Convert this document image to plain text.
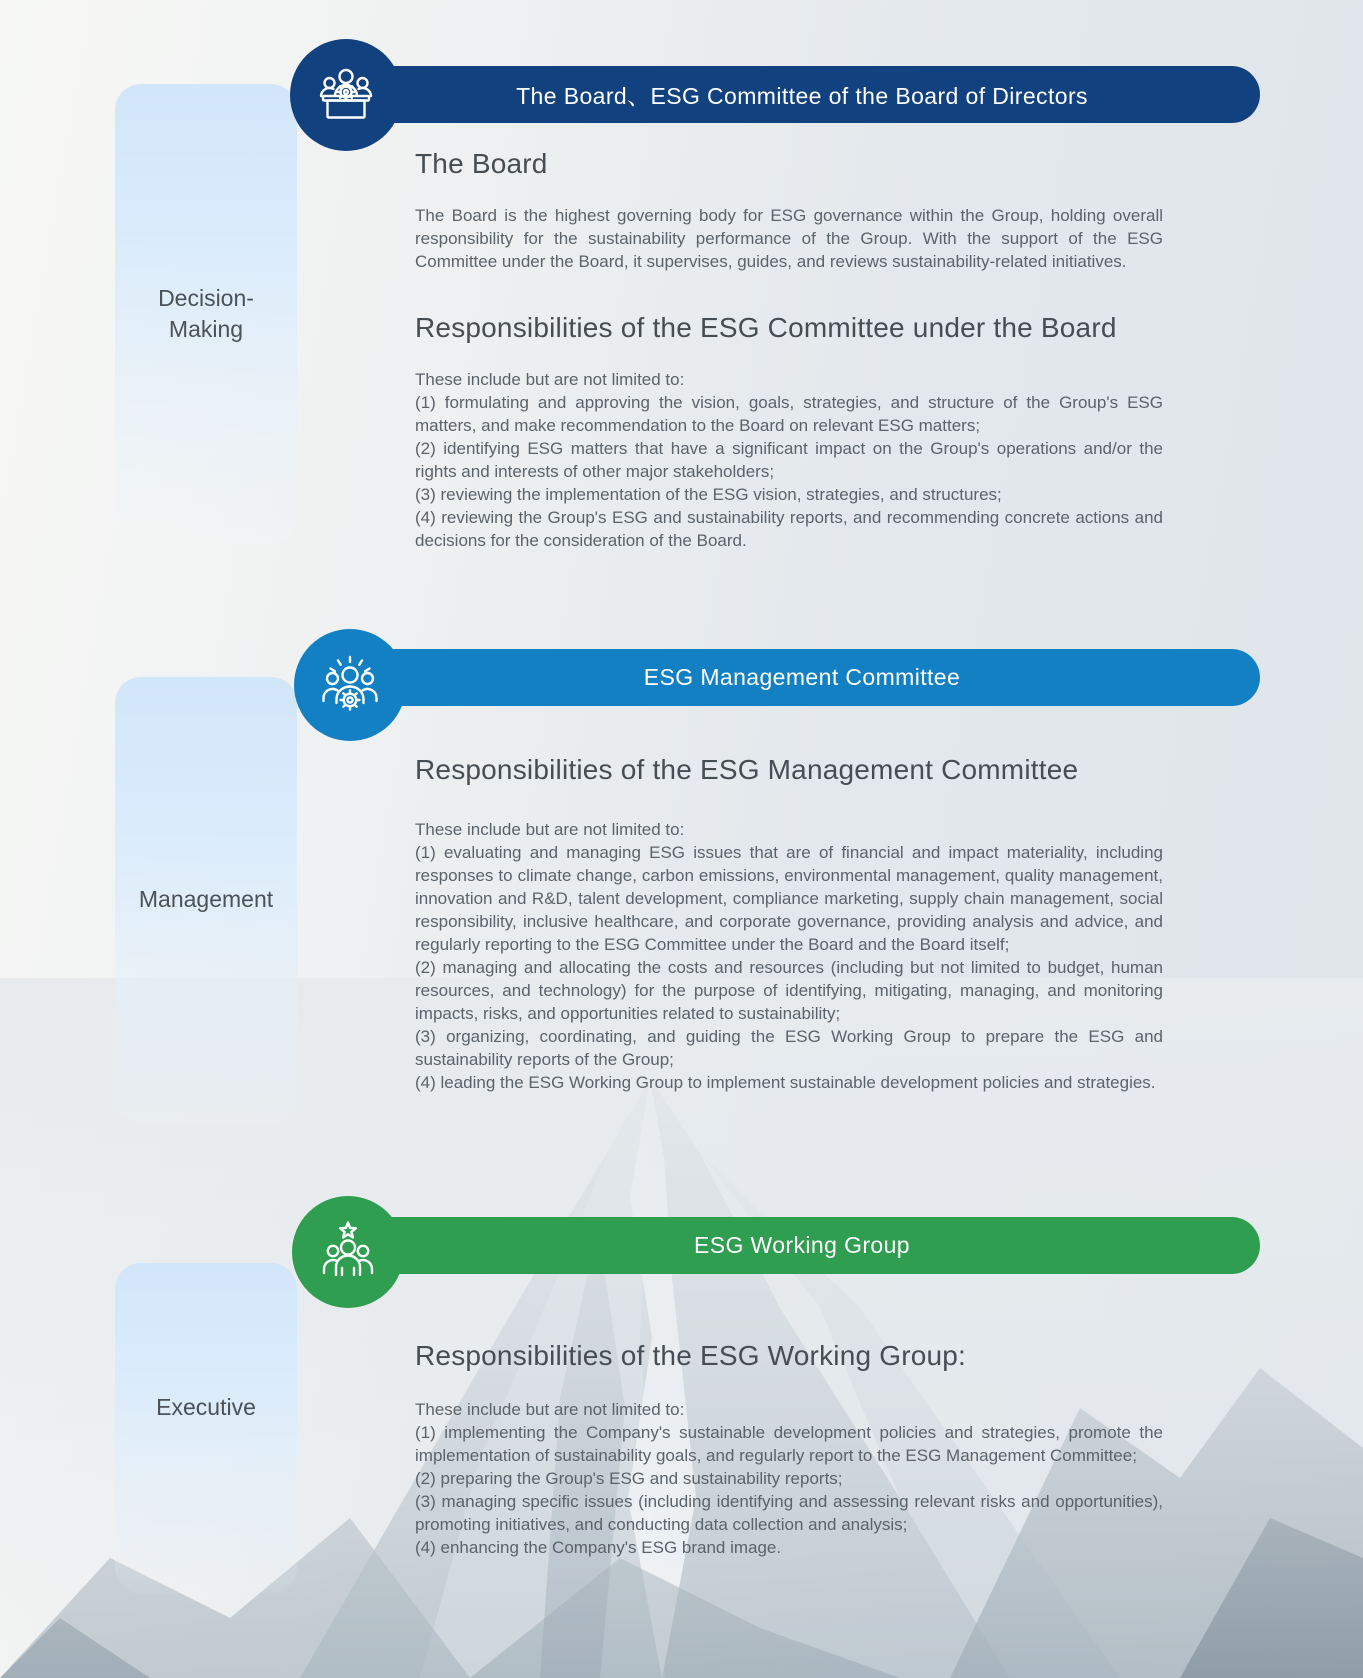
Decision-Making
Management
Executive
The Board、ESG Committee of the Board of Directors
The Board

The Board is the highest governing body for ESG governance within the Group, holding overall responsibility for the sustainability performance of the Group. With the support of the ESG Committee under the Board, it supervises, guides, and reviews sustainability-related initiatives.

Responsibilities of the ESG Committee under the Board
These include but are not limited to:
(1) formulating and approving the vision, goals, strategies, and structure of the Group's ESG matters, and make recommendation to the Board on relevant ESG matters;
(2) identifying ESG matters that have a significant impact on the Group's operations and/or the rights and interests of other major stakeholders;
(3) reviewing the implementation of the ESG vision, strategies, and structures;
(4) reviewing the Group's ESG and sustainability reports, and recommending concrete actions and decisions for the consideration of the Board.
ESG Management Committee
Responsibilities of the ESG Management Committee
These include but are not limited to:
(1) evaluating and managing ESG issues that are of financial and impact materiality, including responses to climate change, carbon emissions, environmental management, quality management, innovation and R&D, talent development, compliance marketing, supply chain management, social responsibility, inclusive healthcare, and corporate governance, providing analysis and advice, and regularly reporting to the ESG Committee under the Board and the Board itself;
(2) managing and allocating the costs and resources (including but not limited to budget, human resources, and technology) for the purpose of identifying, mitigating, managing, and monitoring impacts, risks, and opportunities related to sustainability;
(3) organizing, coordinating, and guiding the ESG Working Group to prepare the ESG and sustainability reports of the Group;
(4) leading the ESG Working Group to implement sustainable development policies and strategies.
ESG Working Group
Responsibilities of the ESG Working Group:
These include but are not limited to:
(1) implementing the Company's sustainable development policies and strategies, promote the implementation of sustainability goals, and regularly report to the ESG Management Committee;
(2) preparing the Group's ESG and sustainability reports;
(3) managing specific issues (including identifying and assessing relevant risks and opportunities), promoting initiatives, and conducting data collection and analysis;
(4) enhancing the Company's ESG brand image.
